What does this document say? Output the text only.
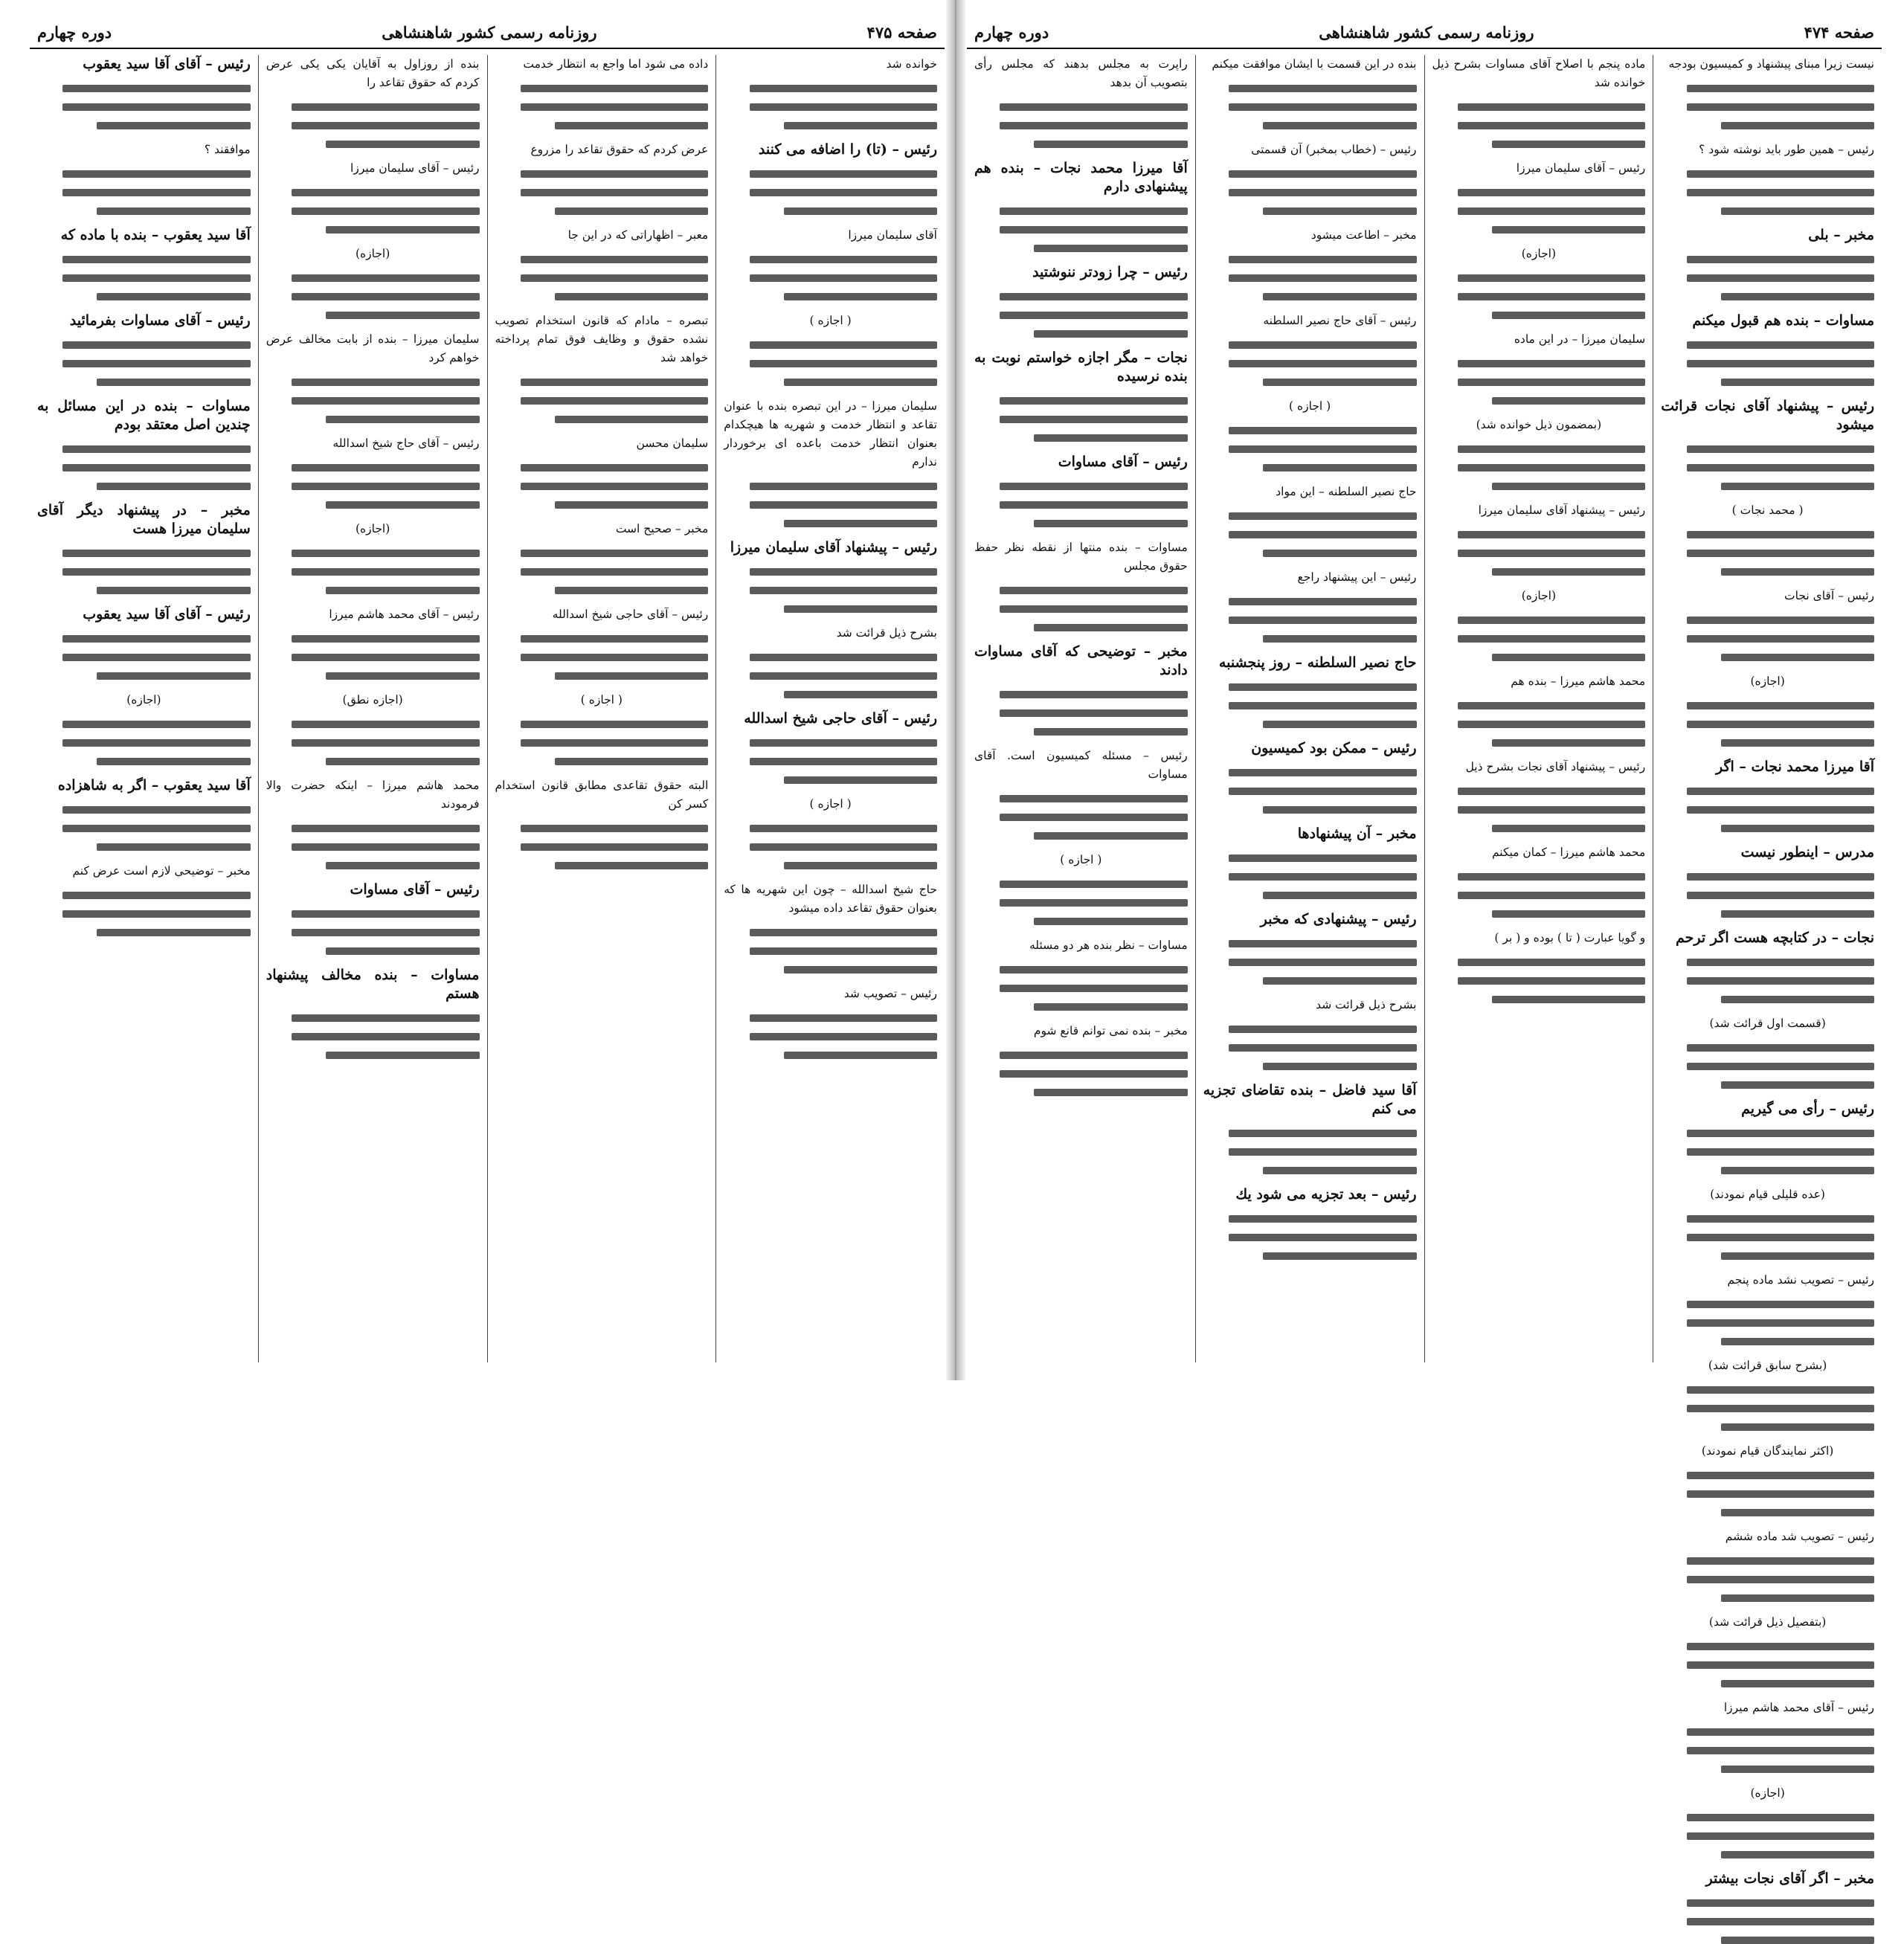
دوره چهارم	روزنامه رسمی کشور شاهنشاهی	صفحه ۴۷۵

خوانده شد

رئیس – (تا) را اضافه می کنند

آقای سلیمان میرزا

( اجازه )

سلیمان میرزا – در این تبصره بنده با عنوان تقاعد و انتظار خدمت و شهریه ها هیچکدام بعنوان انتظار خدمت باعده ای برخوردار ندارم

رئیس – پیشنهاد آقای سلیمان میرزا

بشرح ذیل قرائت شد

رئیس – آقای حاجی شیخ اسدالله

( اجازه )

حاج شیخ اسدالله – چون این شهریه ها که بعنوان حقوق تقاعد داده میشود

رئیس – تصویب شد

داده می شود اما واجع به انتظار خدمت

عرض کردم که حقوق تقاعد را مزروع

معبر – اظهاراتی که در این جا

تبصره – مادام که قانون استخدام تصویب نشده حقوق و وظایف فوق تمام پرداخته خواهد شد

سلیمان محسن

مخبر – صحیح است

رئیس – آقای حاجی شیخ اسدالله

( اجازه )

البته حقوق تقاعدی مطابق قانون استخدام کسر کن

بنده از روزاول به آقایان یکی یکی عرض کردم که حقوق تقاعد را

رئیس – آقای سلیمان میرزا

(اجازه)

سلیمان میرزا – بنده از بابت مخالف عرض خواهم کرد

رئیس – آقای حاج شیخ اسدالله

(اجازه)

رئیس – آقای محمد هاشم میرزا

(اجازه نطق)

محمد هاشم میرزا – اینکه حضرت والا فرمودند

رئیس – آقای مساوات

مساوات – بنده مخالف پیشنهاد هستم

رئیس – آقای آقا سید یعقوب

موافقند ؟

آقا سید یعقوب – بنده با ماده که

رئیس – آقای مساوات بفرمائید

مساوات – بنده در این مسائل به چندین اصل معتقد بودم

مخبر – در پیشنهاد دیگر آقای سلیمان میرزا هست

رئیس – آقای آقا سید یعقوب

(اجازه)

آقا سید یعقوب – اگر به شاهزاده

مخبر – توضیحی لازم است عرض کنم

صفحه ۴۷۴
روزنامه رسمی کشور شاهنشاهی
دوره چهارم

نیست زیرا مبنای پیشنهاد و کمیسیون بودجه

رئیس – همین طور باید نوشته شود ؟

مخبر – بلی

مساوات – بنده هم قبول میکنم

رئیس – پیشنهاد آقای نجات قرائت میشود

( محمد نجات )

رئیس – آقای نجات

(اجازه)

آقا میرزا محمد نجات – اگر

مدرس – اینطور نیست

نجات – در کتابچه هست اگر ترحم

(قسمت اول قرائت شد)

رئیس – رأی می گیریم

(عده قلیلی قیام نمودند)

رئیس – تصویب نشد ماده پنجم

(بشرح سابق قرائت شد)
(اکثر نمایندگان قیام نمودند)

رئیس – تصویب شد ماده ششم

(بتفصیل ذیل قرائت شد)

رئیس – آقای محمد هاشم میرزا

(اجازه)

مخبر – اگر آقای نجات بیشتر

ماده پنجم با اصلاح آقای مساوات بشرح ذیل خوانده شد

رئیس – آقای سلیمان میرزا

(اجازه)

سلیمان میرزا – در این ماده

(بمضمون ذیل خوانده شد)

رئیس – پیشنهاد آقای سلیمان میرزا

(اجازه)

محمد هاشم میرزا – بنده هم

رئیس – پیشنهاد آقای نجات بشرح ذیل

محمد هاشم میرزا – کمان میکنم

و گویا عبارت ( تا ) بوده و ( بر )

بنده در این قسمت با ایشان موافقت میکنم

رئیس – (خطاب بمخبر) آن قسمتی

مخبر – اطاعت میشود

رئیس – آقای حاج نصیر السلطنه

( اجازه )

حاج نصیر السلطنه – این مواد

رئیس – این پیشنهاد راجع

حاج نصیر السلطنه – روز پنجشنبه

رئیس – ممکن بود کمیسیون

مخبر – آن پیشنهادها

رئیس – پیشنهادی که مخبر

بشرح ذیل قرائت شد

آقا سید فاضل – بنده تقاضای تجزیه می کنم

رئیس – بعد تجزیه می شود یك

راپرت به مجلس بدهند که مجلس رأی بتصویب آن بدهد

آقا میرزا محمد نجات – بنده هم پیشنهادی دارم

رئیس – چرا زودتر ننوشتید

نجات – مگر اجازه خواستم نوبت به بنده نرسیده

رئیس – آقای مساوات

مساوات – بنده منتها از نقطه نظر حفظ حقوق مجلس

مخبر – توضیحی که آقای مساوات دادند

رئیس – مسئله کمیسیون است. آقای مساوات

( اجازه )

مساوات – نظر بنده هر دو مسئله

مخبر – بنده نمی توانم قانع شوم
